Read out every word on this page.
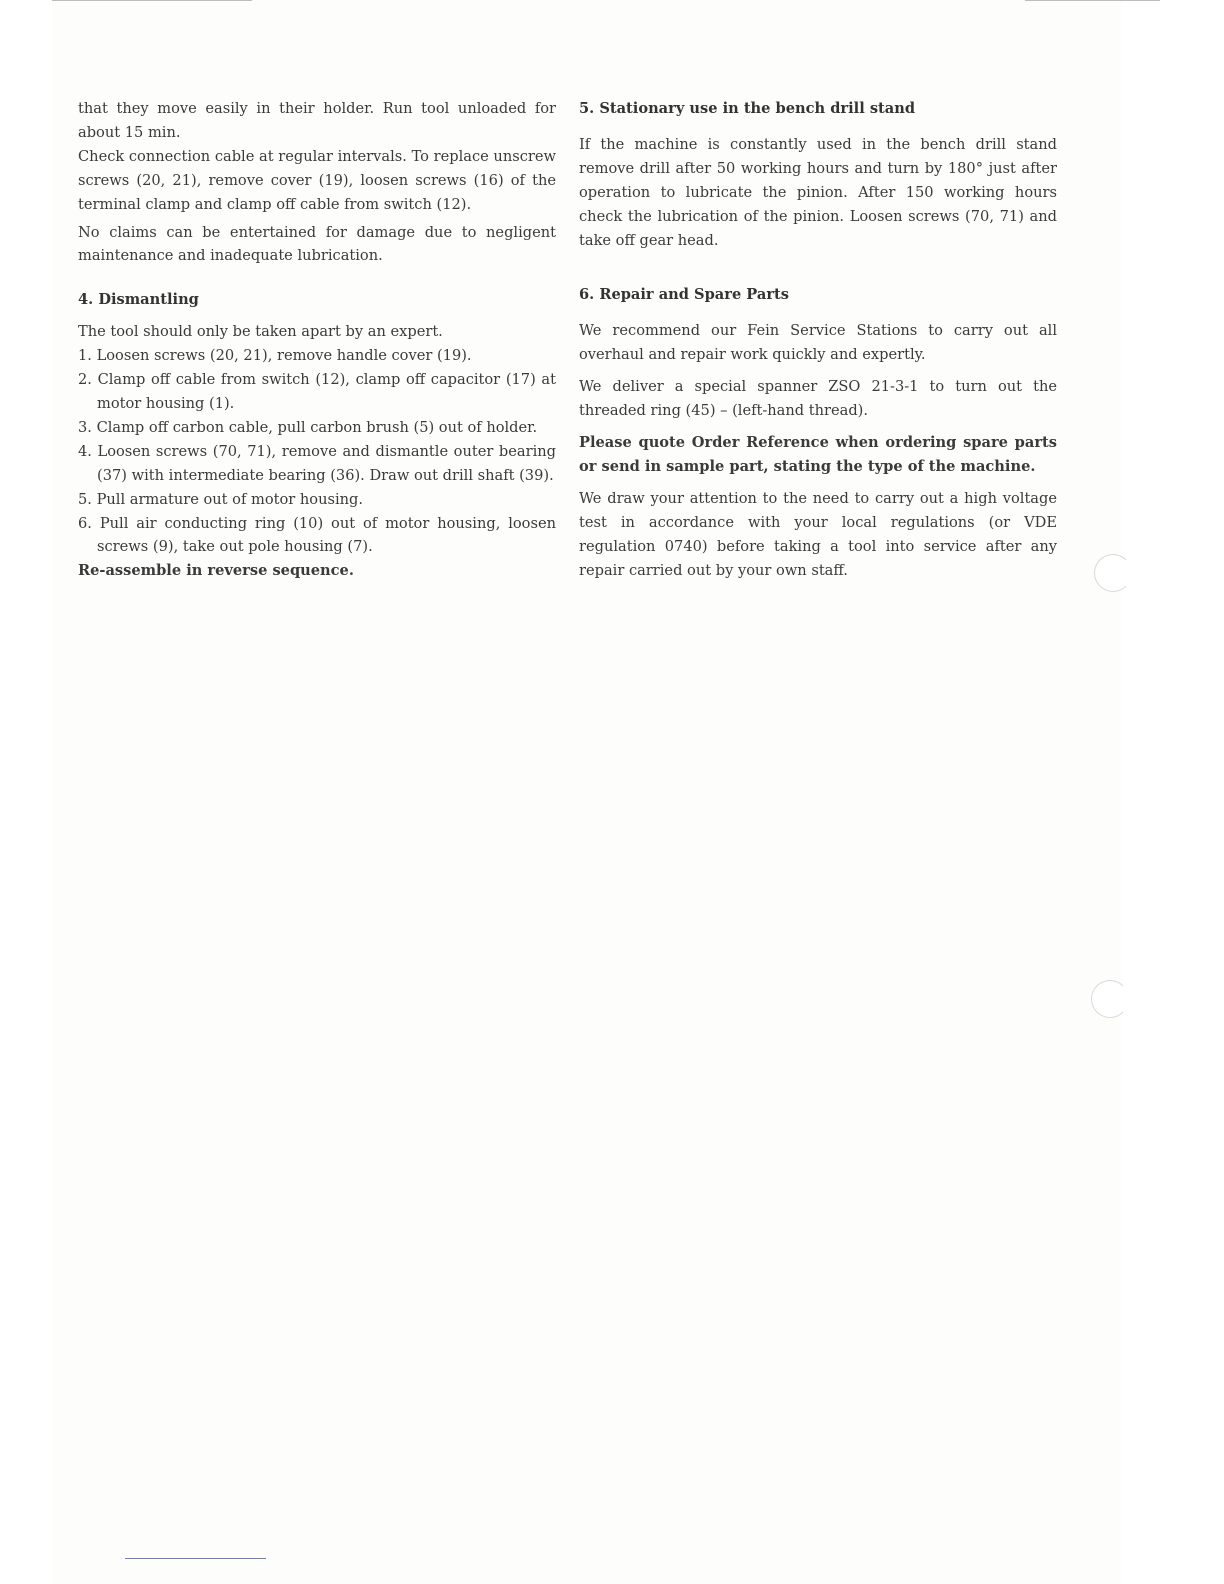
that they move easily in their holder. Run tool unloaded for about 15 min.

Check connection cable at regular intervals. To replace unscrew screws (20, 21), remove cover (19), loosen screws (16) of the terminal clamp and clamp off cable from switch (12).

No claims can be entertained for damage due to negligent maintenance and inadequate lubrication.

4. Dismantling

The tool should only be taken apart by an expert.

1. Loosen screws (20, 21), remove handle cover (19).
2. Clamp off cable from switch (12), clamp off capacitor (17) at motor housing (1).
3. Clamp off carbon cable, pull carbon brush (5) out of holder.
4. Loosen screws (70, 71), remove and dismantle outer bearing (37) with intermediate bearing (36). Draw out drill shaft (39).
5. Pull armature out of motor housing.
6. Pull air conducting ring (10) out of motor housing, loosen screws (9), take out pole housing (7).

Re-assemble in reverse sequence.

5. Stationary use in the bench drill stand

If the machine is constantly used in the bench drill stand remove drill after 50 working hours and turn by 180° just after operation to lubricate the pinion. After 150 working hours check the lubrication of the pinion. Loosen screws (70, 71) and take off gear head.

6. Repair and Spare Parts

We recommend our Fein Service Stations to carry out all overhaul and repair work quickly and expertly.

We deliver a special spanner ZSO 21-3-1 to turn out the threaded ring (45) – (left-hand thread).

Please quote Order Reference when ordering spare parts or send in sample part, stating the type of the machine.

We draw your attention to the need to carry out a high voltage test in accordance with your local regulations (or VDE regulation 0740) before taking a tool into service after any repair carried out by your own staff.
